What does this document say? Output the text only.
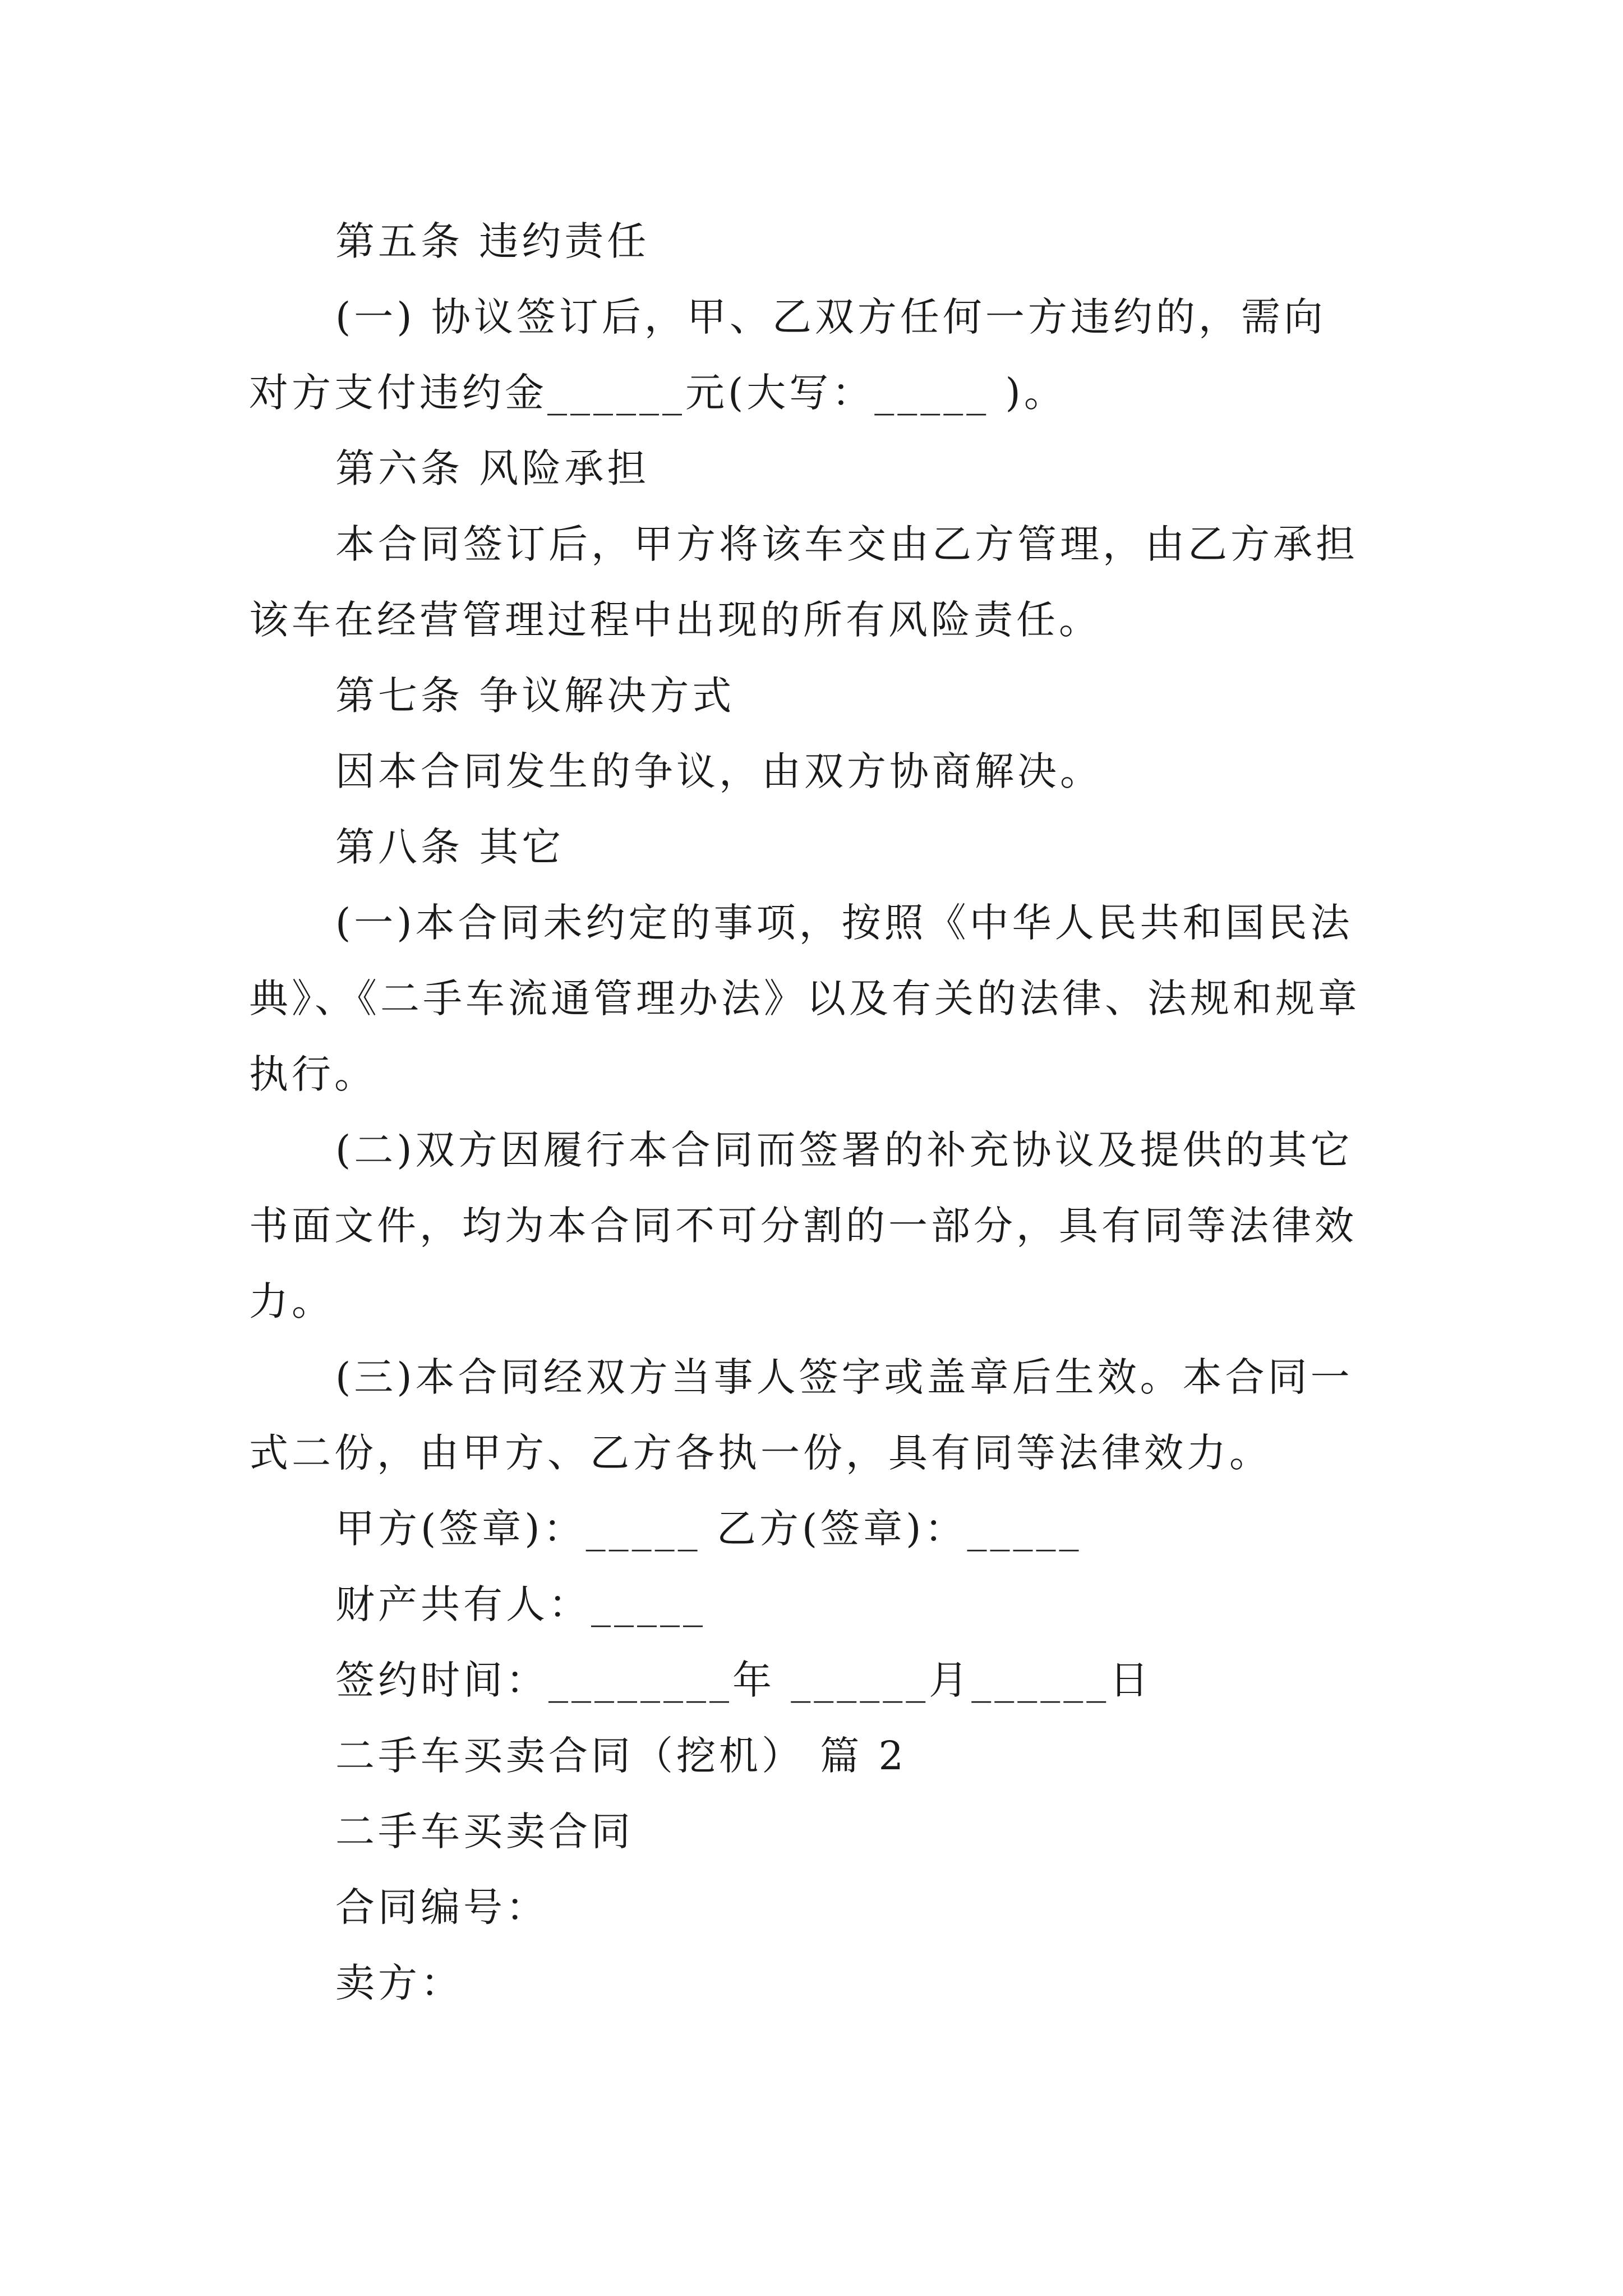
第五条 违约责任
(一) 协议签订后，甲、乙双方任何一方违约的，需向
对方支付违约金______元(大写：_____ )。
第六条 风险承担
本合同签订后，甲方将该车交由乙方管理，由乙方承担
该车在经营管理过程中出现的所有风险责任。
第七条 争议解决方式
因本合同发生的争议，由双方协商解决。
第八条 其它
(一)本合同未约定的事项，按照《中华人民共和国民法
典》、《二手车流通管理办法》以及有关的法律、法规和规章
执行。
(二)双方因履行本合同而签署的补充协议及提供的其它
书面文件，均为本合同不可分割的一部分，具有同等法律效
力。
(三)本合同经双方当事人签字或盖章后生效。本合同一
式二份，由甲方、乙方各执一份，具有同等法律效力。
甲方(签章)：_____ 乙方(签章)：_____
财产共有人：_____
签约时间：________年 ______月______日
二手车买卖合同（挖机） 篇 2
二手车买卖合同
合同编号：
卖方：
